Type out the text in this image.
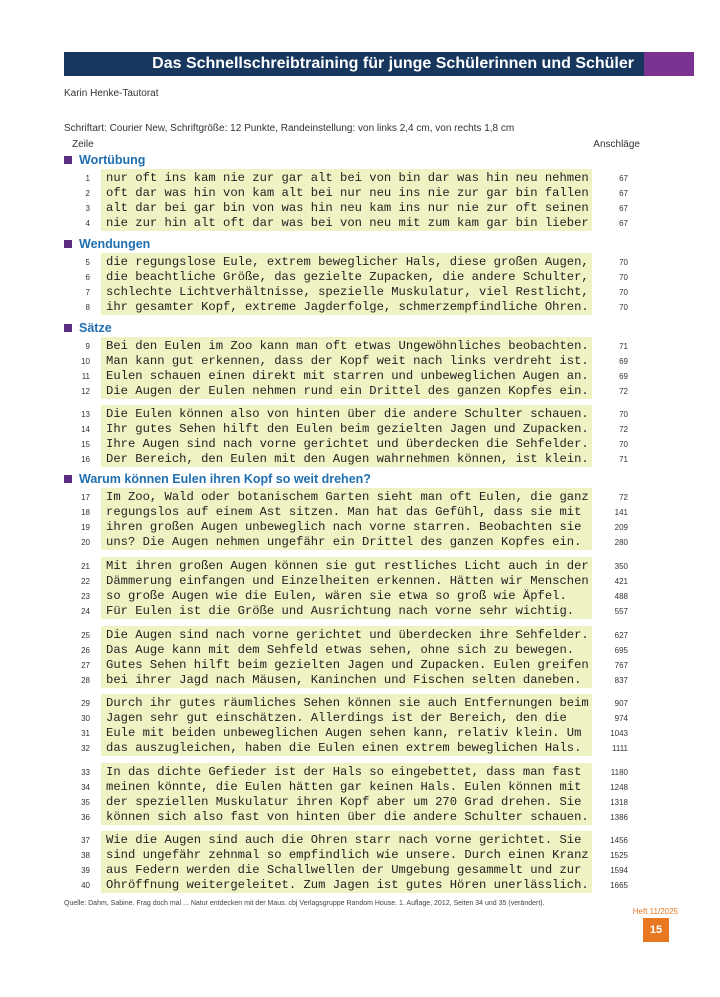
Das Schnellschreibtraining für junge Schülerinnen und Schüler
Karin Henke-Tautorat
Schriftart: Courier New, Schriftgröße: 12 Punkte, Randeinstellung: von links 2,4 cm, von rechts 1,8 cm
Zeile	Anschläge
Wortübung
Wendungen
Sätze
Warum können Eulen ihren Kopf so weit drehen?
1 nur oft ins kam nie zur gar alt bei von bin dar was hin neu nehmen	67
2 oft dar was hin von kam alt bei nur neu ins nie zur gar bin fallen	67
3 alt dar bei gar bin von was hin neu kam ins nur nie zur oft seinen	67
4 nie zur hin alt oft dar was bei von neu mit zum kam gar bin lieber	67
5 die regungslose Eule, extrem beweglicher Hals, diese großen Augen,	70
6 die beachtliche Größe, das gezielte Zupacken, die andere Schulter,	70
7 schlechte Lichtverhältnisse, spezielle Muskulatur, viel Restlicht,	70
8 ihr gesamter Kopf, extreme Jagderfolge, schmerzempfindliche Ohren.	70
9 Bei den Eulen im Zoo kann man oft etwas Ungewöhnliches beobachten.	71
10 Man kann gut erkennen, dass der Kopf weit nach links verdreht ist.	69
11 Eulen schauen einen direkt mit starren und unbeweglichen Augen an.	69
12 Die Augen der Eulen nehmen rund ein Drittel des ganzen Kopfes ein.	72
13 Die Eulen können also von hinten über die andere Schulter schauen.	70
14 Ihr gutes Sehen hilft den Eulen beim gezielten Jagen und Zupacken.	72
15 Ihre Augen sind nach vorne gerichtet und überdecken die Sehfelder.	70
16 Der Bereich, den Eulen mit den Augen wahrnehmen können, ist klein.	71
17 Im Zoo, Wald oder botanischem Garten sieht man oft Eulen, die ganz	72
18 regungslos auf einem Ast sitzen. Man hat das Gefühl, dass sie mit	141
19 ihren großen Augen unbeweglich nach vorne starren. Beobachten sie	209
20 uns? Die Augen nehmen ungefähr ein Drittel des ganzen Kopfes ein.	280
21 Mit ihren großen Augen können sie gut restliches Licht auch in der	350
22 Dämmerung einfangen und Einzelheiten erkennen. Hätten wir Menschen	421
23 so große Augen wie die Eulen, wären sie etwa so groß wie Äpfel.	488
24 Für Eulen ist die Größe und Ausrichtung nach vorne sehr wichtig.	557
25 Die Augen sind nach vorne gerichtet und überdecken ihre Sehfelder.	627
26 Das Auge kann mit dem Sehfeld etwas sehen, ohne sich zu bewegen.	695
27 Gutes Sehen hilft beim gezielten Jagen und Zupacken. Eulen greifen	767
28 bei ihrer Jagd nach Mäusen, Kaninchen und Fischen selten daneben.	837
29 Durch ihr gutes räumliches Sehen können sie auch Entfernungen beim	907
30 Jagen sehr gut einschätzen. Allerdings ist der Bereich, den die	974
31 Eule mit beiden unbeweglichen Augen sehen kann, relativ klein. Um	1043
32 das auszugleichen, haben die Eulen einen extrem beweglichen Hals.	1111
33 In das dichte Gefieder ist der Hals so eingebettet, dass man fast	1180
34 meinen könnte, die Eulen hätten gar keinen Hals. Eulen können mit	1248
35 der speziellen Muskulatur ihren Kopf aber um 270 Grad drehen. Sie	1318
36 können sich also fast von hinten über die andere Schulter schauen.	1386
37 Wie die Augen sind auch die Ohren starr nach vorne gerichtet. Sie	1456
38 sind ungefähr zehnmal so empfindlich wie unsere. Durch einen Kranz	1525
39 aus Federn werden die Schallwellen der Umgebung gesammelt und zur	1594
40 Ohröffnung weitergeleitet. Zum Jagen ist gutes Hören unerlässlich.	1665
Quelle: Dahm, Sabine. Frag doch mal ... Natur entdecken mit der Maus. cbj Verlagsgruppe Random House. 1. Auflage, 2012, Seiten 34 und 35 (verändert).
Heft 11/2025
15
